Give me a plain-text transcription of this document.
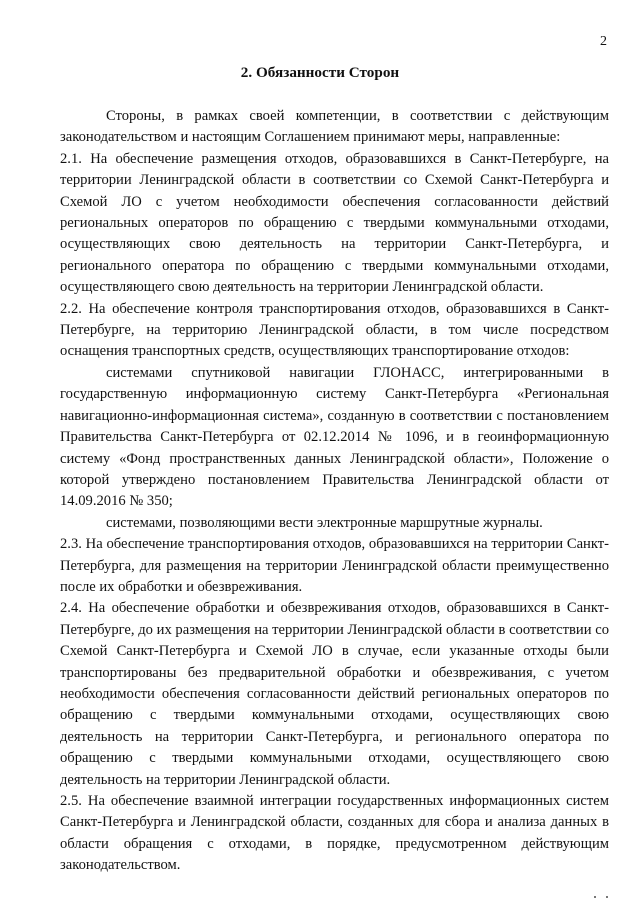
2
2. Обязанности Сторон

Стороны, в рамках своей компетенции, в соответствии с действующим законодательством и настоящим Соглашением принимают меры, направленные:

2.1. На обеспечение размещения отходов, образовавшихся в Санкт-Петербурге, на территории Ленинградской области в соответствии со Схемой Санкт-Петербурга и Схемой ЛО с учетом необходимости обеспечения согласованности действий региональных операторов по обращению с твердыми коммунальными отходами, осуществляющих свою деятельность на территории Санкт-Петербурга, и регионального оператора по обращению с твердыми коммунальными отходами, осуществляющего свою деятельность на территории Ленинградской области.

2.2. На обеспечение контроля транспортирования отходов, образовавшихся в Санкт-Петербурге, на территорию Ленинградской области, в том числе посредством оснащения транспортных средств, осуществляющих транспортирование отходов:

системами спутниковой навигации ГЛОНАСС, интегрированными в государственную информационную систему Санкт-Петербурга «Региональная навигационно-информационная система», созданную в соответствии с постановлением Правительства Санкт-Петербурга от 02.12.2014 № 1096, и в геоинформационную систему «Фонд пространственных данных Ленинградской области», Положение о которой утверждено постановлением Правительства Ленинградской области от 14.09.2016 № 350;

системами, позволяющими вести электронные маршрутные журналы.

2.3. На обеспечение транспортирования отходов, образовавшихся на территории Санкт-Петербурга, для размещения на территории Ленинградской области преимущественно после их обработки и обезвреживания.

2.4. На обеспечение обработки и обезвреживания отходов, образовавшихся в Санкт-Петербурге, до их размещения на территории Ленинградской области в соответствии со Схемой Санкт-Петербурга и Схемой ЛО в случае, если указанные отходы были транспортированы без предварительной обработки и обезвреживания, с учетом необходимости обеспечения согласованности действий региональных операторов по обращению с твердыми коммунальными отходами, осуществляющих свою деятельность на территории Санкт-Петербурга, и регионального оператора по обращению с твердыми коммунальными отходами, осуществляющего свою деятельность на территории Ленинградской области.

2.5. На обеспечение взаимной интеграции государственных информационных систем Санкт-Петербурга и Ленинградской области, созданных для сбора и анализа данных в области обращения с отходами, в порядке, предусмотренном действующим законодательством.
